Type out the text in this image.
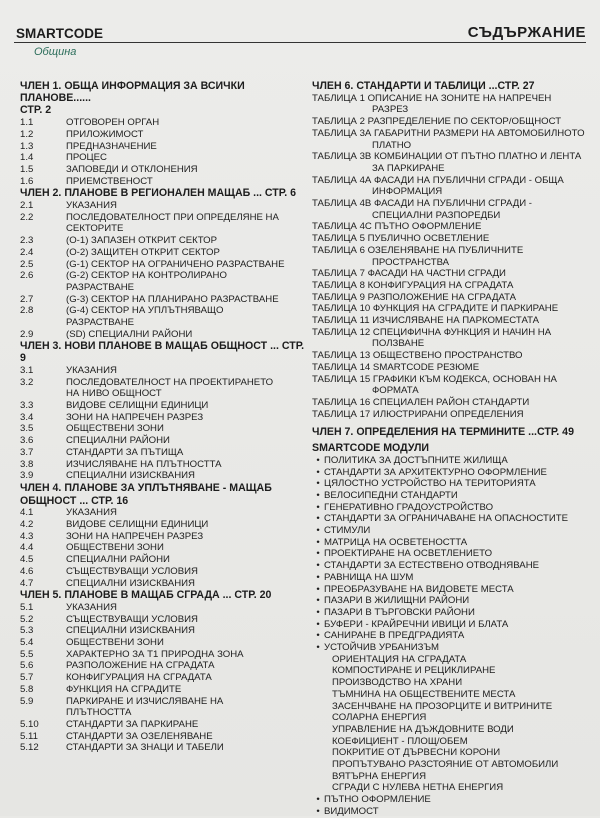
SMARTCODE	СЪДЪРЖАНИЕ
Община
ЧЛЕН 1. ОБЩА ИНФОРМАЦИЯ ЗА ВСИЧКИ ПЛАНОВЕ......
СТР. 2
1.1	ОТГОВОРЕН ОРГАН
1.2	ПРИЛОЖИМОСТ
1.3	ПРЕДНАЗНАЧЕНИЕ
1.4	ПРОЦЕС
1.5	ЗАПОВЕДИ И ОТКЛОНЕНИЯ
1.6	ПРИЕМСТВЕНОСТ
ЧЛЕН 2. ПЛАНОВЕ В РЕГИОНАЛЕН МАЩАБ ... СТР. 6
2.1	УКАЗАНИЯ
2.2	ПОСЛЕДОВАТЕЛНОСТ ПРИ ОПРЕДЕЛЯНЕ НА
СЕКТОРИТЕ
2.3	(O-1) ЗАПАЗЕН ОТКРИТ СЕКТОР
2.4	(O-2) ЗАЩИТЕН ОТКРИТ СЕКТОР
2.5	(G-1) СЕКТОР НА ОГРАНИЧЕНО РАЗРАСТВАНЕ
2.6	(G-2) СЕКТОР НА КОНТРОЛИРАНО
РАЗРАСТВАНЕ
2.7	(G-3) СЕКТОР НА ПЛАНИРАНО РАЗРАСТВАНЕ
2.8	(G-4) СЕКТОР НА УПЛЪТНЯВАЩО
РАЗРАСТВАНЕ
2.9	(SD) СПЕЦИАЛНИ РАЙОНИ
ЧЛЕН 3. НОВИ ПЛАНОВЕ В МАЩАБ ОБЩНОСТ ... СТР. 9
3.1	УКАЗАНИЯ
3.2	ПОСЛЕДОВАТЕЛНОСТ НА ПРОЕКТИРАНЕТО
НА НИВО ОБЩНОСТ
3.3	ВИДОВЕ СЕЛИЩНИ ЕДИНИЦИ
3.4	ЗОНИ НА НАПРЕЧЕН РАЗРЕЗ
3.5	ОБЩЕСТВЕНИ ЗОНИ
3.6	СПЕЦИАЛНИ РАЙОНИ
3.7	СТАНДАРТИ ЗА ПЪТИЩА
3.8	ИЗЧИСЛЯВАНЕ НА ПЛЪТНОСТТА
3.9	СПЕЦИАЛНИ ИЗИСКВАНИЯ
ЧЛЕН 4. ПЛАНОВЕ ЗА УПЛЪТНЯВАНЕ - МАЩАБ
ОБЩНОСТ ... СТР. 16
4.1	УКАЗАНИЯ
4.2	ВИДОВЕ СЕЛИЩНИ ЕДИНИЦИ
4.3	ЗОНИ НА НАПРЕЧЕН РАЗРЕЗ
4.4	ОБЩЕСТВЕНИ ЗОНИ
4.5	СПЕЦИАЛНИ РАЙОНИ
4.6	СЪЩЕСТВУВАЩИ УСЛОВИЯ
4.7	СПЕЦИАЛНИ ИЗИСКВАНИЯ
ЧЛЕН 5. ПЛАНОВЕ В МАЩАБ СГРАДА ... СТР. 20
5.1	УКАЗАНИЯ
5.2	СЪЩЕСТВУВАЩИ УСЛОВИЯ
5.3	СПЕЦИАЛНИ ИЗИСКВАНИЯ
5.4	ОБЩЕСТВЕНИ ЗОНИ
5.5	ХАРАКТЕРНО ЗА Т1 ПРИРОДНА ЗОНА
5.6	РАЗПОЛОЖЕНИЕ НА СГРАДАТА
5.7	КОНФИГУРАЦИЯ НА СГРАДАТА
5.8	ФУНКЦИЯ НА СГРАДИТЕ
5.9	ПАРКИРАНЕ И ИЗЧИСЛЯВАНЕ НА
ПЛЪТНОСТТА
5.10	СТАНДАРТИ ЗА ПАРКИРАНЕ
5.11	СТАНДАРТИ ЗА ОЗЕЛЕНЯВАНЕ
5.12	СТАНДАРТИ ЗА ЗНАЦИ И ТАБЕЛИ
ЧЛЕН 6. СТАНДАРТИ И ТАБЛИЦИ ...СТР. 27
ТАБЛИЦА 1 ОПИСАНИЕ НА ЗОНИТЕ НА НАПРЕЧЕН
РАЗРЕЗ
ТАБЛИЦА 2 РАЗПРЕДЕЛЕНИЕ ПО СЕКТОР/ОБЩНОСТ
ТАБЛИЦА 3А ГАБАРИТНИ РАЗМЕРИ НА АВТОМОБИЛНОТО
ПЛАТНО
ТАБЛИЦА 3В КОМБИНАЦИИ ОТ ПЪТНО ПЛАТНО И ЛЕНТА
ЗА ПАРКИРАНЕ
ТАБЛИЦА 4А ФАСАДИ НА ПУБЛИЧНИ СГРАДИ - ОБЩА
ИНФОРМАЦИЯ
ТАБЛИЦА 4В ФАСАДИ НА ПУБЛИЧНИ СГРАДИ -
СПЕЦИАЛНИ РАЗПОРЕДБИ
ТАБЛИЦА 4С ПЪТНО ОФОРМЛЕНИЕ
ТАБЛИЦА 5 ПУБЛИЧНО ОСВЕТЛЕНИЕ
ТАБЛИЦА 6 ОЗЕЛЕНЯВАНЕ НА ПУБЛИЧНИТЕ
ПРОСТРАНСТВА
ТАБЛИЦА 7 ФАСАДИ НА ЧАСТНИ СГРАДИ
ТАБЛИЦА 8 КОНФИГУРАЦИЯ НА СГРАДАТА
ТАБЛИЦА 9 РАЗПОЛОЖЕНИЕ НА СГРАДАТА
ТАБЛИЦА 10 ФУНКЦИЯ НА СГРАДИТЕ И ПАРКИРАНЕ
ТАБЛИЦА 11 ИЗЧИСЛЯВАНЕ НА ПАРКОМЕСТАТА
ТАБЛИЦА 12 СПЕЦИФИЧНА ФУНКЦИЯ И НАЧИН НА
ПОЛЗВАНЕ
ТАБЛИЦА 13 ОБЩЕСТВЕНО ПРОСТРАНСТВО
ТАБЛИЦА 14 SMARTCODE РЕЗЮМЕ
ТАБЛИЦА 15 ГРАФИКИ КЪМ КОДЕКСА, ОСНОВАН НА
ФОРМАТА
ТАБЛИЦА 16 СПЕЦИАЛЕН РАЙОН СТАНДАРТИ
ТАБЛИЦА 17 ИЛЮСТРИРАНИ ОПРЕДЕЛЕНИЯ
ЧЛЕН 7. ОПРЕДЕЛЕНИЯ НА ТЕРМИНИТЕ ...СТР. 49
SMARTCODE МОДУЛИ
• ПОЛИТИКА ЗА ДОСТЪПНИТЕ ЖИЛИЩА
• СТАНДАРТИ ЗА АРХИТЕКТУРНО ОФОРМЛЕНИЕ
• ЦЯЛОСТНО УСТРОЙСТВО НА ТЕРИТОРИЯТА
• ВЕЛОСИПЕДНИ СТАНДАРТИ
• ГЕНЕРАТИВНО ГРАДОУСТРОЙСТВО
• СТАНДАРТИ ЗА ОГРАНИЧАВАНЕ НА ОПАСНОСТИТЕ
• СТИМУЛИ
• МАТРИЦА НА ОСВЕТЕНОСТТА
• ПРОЕКТИРАНЕ НА ОСВЕТЛЕНИЕТО
• СТАНДАРТИ ЗА ЕСТЕСТВЕНО ОТВОДНЯВАНЕ
• РАВНИЩА НА ШУМ
• ПРЕОБРАЗУВАНЕ НА ВИДОВЕТЕ МЕСТА
• ПАЗАРИ В ЖИЛИЩНИ РАЙОНИ
• ПАЗАРИ В ТЪРГОВСКИ РАЙОНИ
• БУФЕРИ - КРАЙРЕЧНИ ИВИЦИ И БЛАТА
• САНИРАНЕ В ПРЕДГРАДИЯТА
• УСТОЙЧИВ УРБАНИЗЪМ
ОРИЕНТАЦИЯ НА СГРАДАТА
КОМПОСТИРАНЕ И РЕЦИКЛИРАНЕ
ПРОИЗВОДСТВО НА ХРАНИ
ТЪМНИНА НА ОБЩЕСТВЕНИТЕ МЕСТА
ЗАСЕНЧВАНЕ НА ПРОЗОРЦИТЕ И ВИТРИНИТЕ
СОЛАРНА ЕНЕРГИЯ
УПРАВЛЕНИЕ НА ДЪЖДОВНИТЕ ВОДИ
КОЕФИЦИЕНТ - ПЛОЩ/ОБЕМ
ПОКРИТИЕ ОТ ДЪРВЕСНИ КОРОНИ
ПРОПЪТУВАНО РАЗСТОЯНИЕ ОТ АВТОМОБИЛИ
ВЯТЪРНА ЕНЕРГИЯ
СГРАДИ С НУЛЕВА НЕТНА ЕНЕРГИЯ
• ПЪТНО ОФОРМЛЕНИЕ
• ВИДИМОСТ
